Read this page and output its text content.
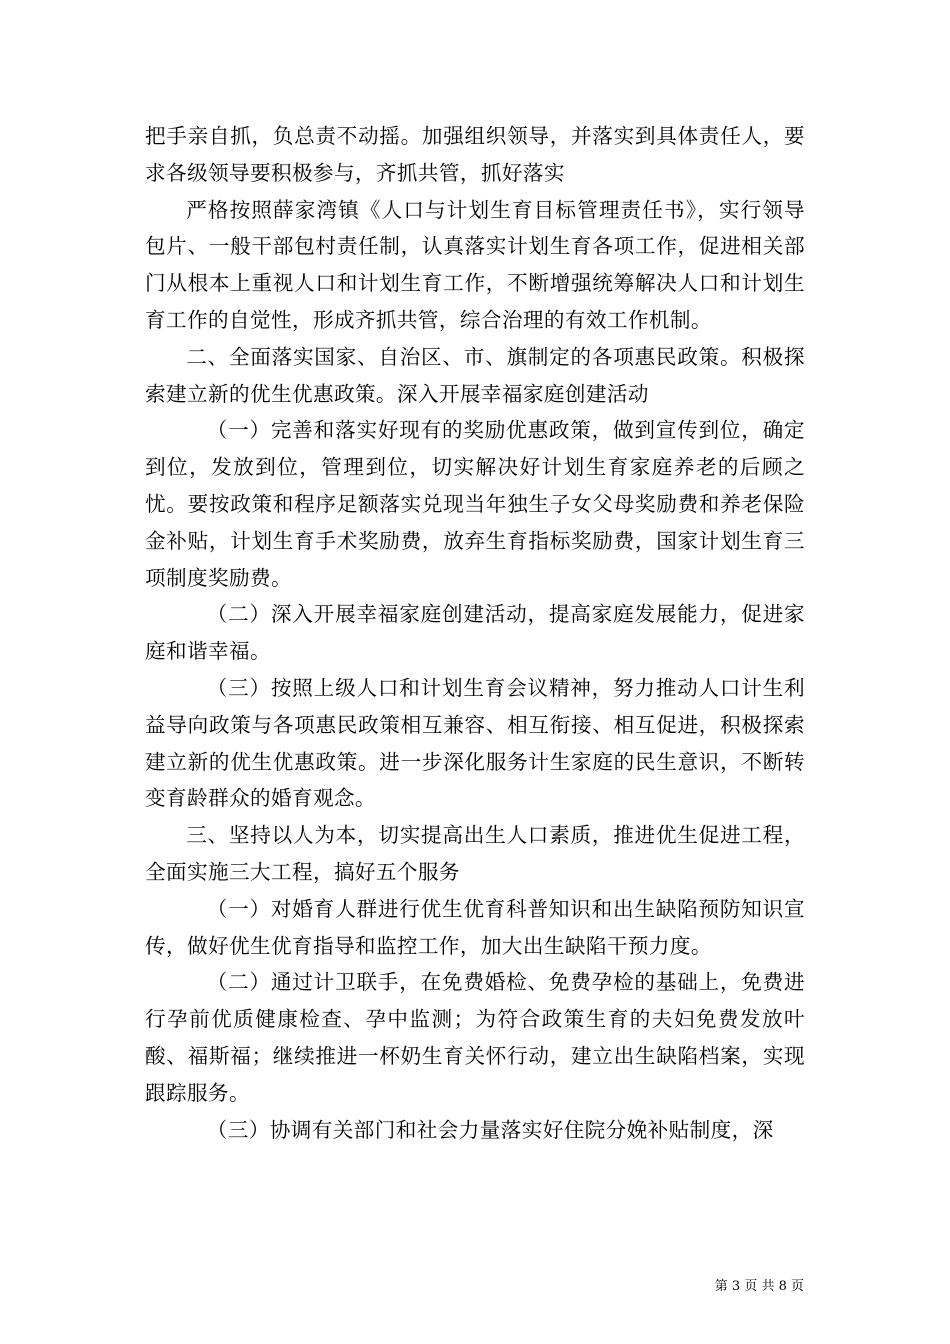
把手亲自抓，负总责不动摇。加强组织领导，并落实到具体责任人，要求各级领导要积极参与，齐抓共管，抓好落实

严格按照薛家湾镇《人口与计划生育目标管理责任书》，实行领导包片、一般干部包村责任制，认真落实计划生育各项工作，促进相关部门从根本上重视人口和计划生育工作，不断增强统筹解决人口和计划生育工作的自觉性，形成齐抓共管，综合治理的有效工作机制。

二、全面落实国家、自治区、市、旗制定的各项惠民政策。积极探索建立新的优生优惠政策。深入开展幸福家庭创建活动

（一）完善和落实好现有的奖励优惠政策，做到宣传到位，确定到位，发放到位，管理到位，切实解决好计划生育家庭养老的后顾之忧。要按政策和程序足额落实兑现当年独生子女父母奖励费和养老保险金补贴，计划生育手术奖励费，放弃生育指标奖励费，国家计划生育三项制度奖励费。

（二）深入开展幸福家庭创建活动，提高家庭发展能力，促进家庭和谐幸福。

（三）按照上级人口和计划生育会议精神，努力推动人口计生利益导向政策与各项惠民政策相互兼容、相互衔接、相互促进，积极探索建立新的优生优惠政策。进一步深化服务计生家庭的民生意识，不断转变育龄群众的婚育观念。

三、坚持以人为本，切实提高出生人口素质，推进优生促进工程，全面实施三大工程，搞好五个服务

（一）对婚育人群进行优生优育科普知识和出生缺陷预防知识宣传，做好优生优育指导和监控工作，加大出生缺陷干预力度。

（二）通过计卫联手，在免费婚检、免费孕检的基础上，免费进行孕前优质健康检查、孕中监测；为符合政策生育的夫妇免费发放叶酸、福斯福；继续推进一杯奶生育关怀行动，建立出生缺陷档案，实现跟踪服务。

（三）协调有关部门和社会力量落实好住院分娩补贴制度，深

第 3 页 共 8 页
